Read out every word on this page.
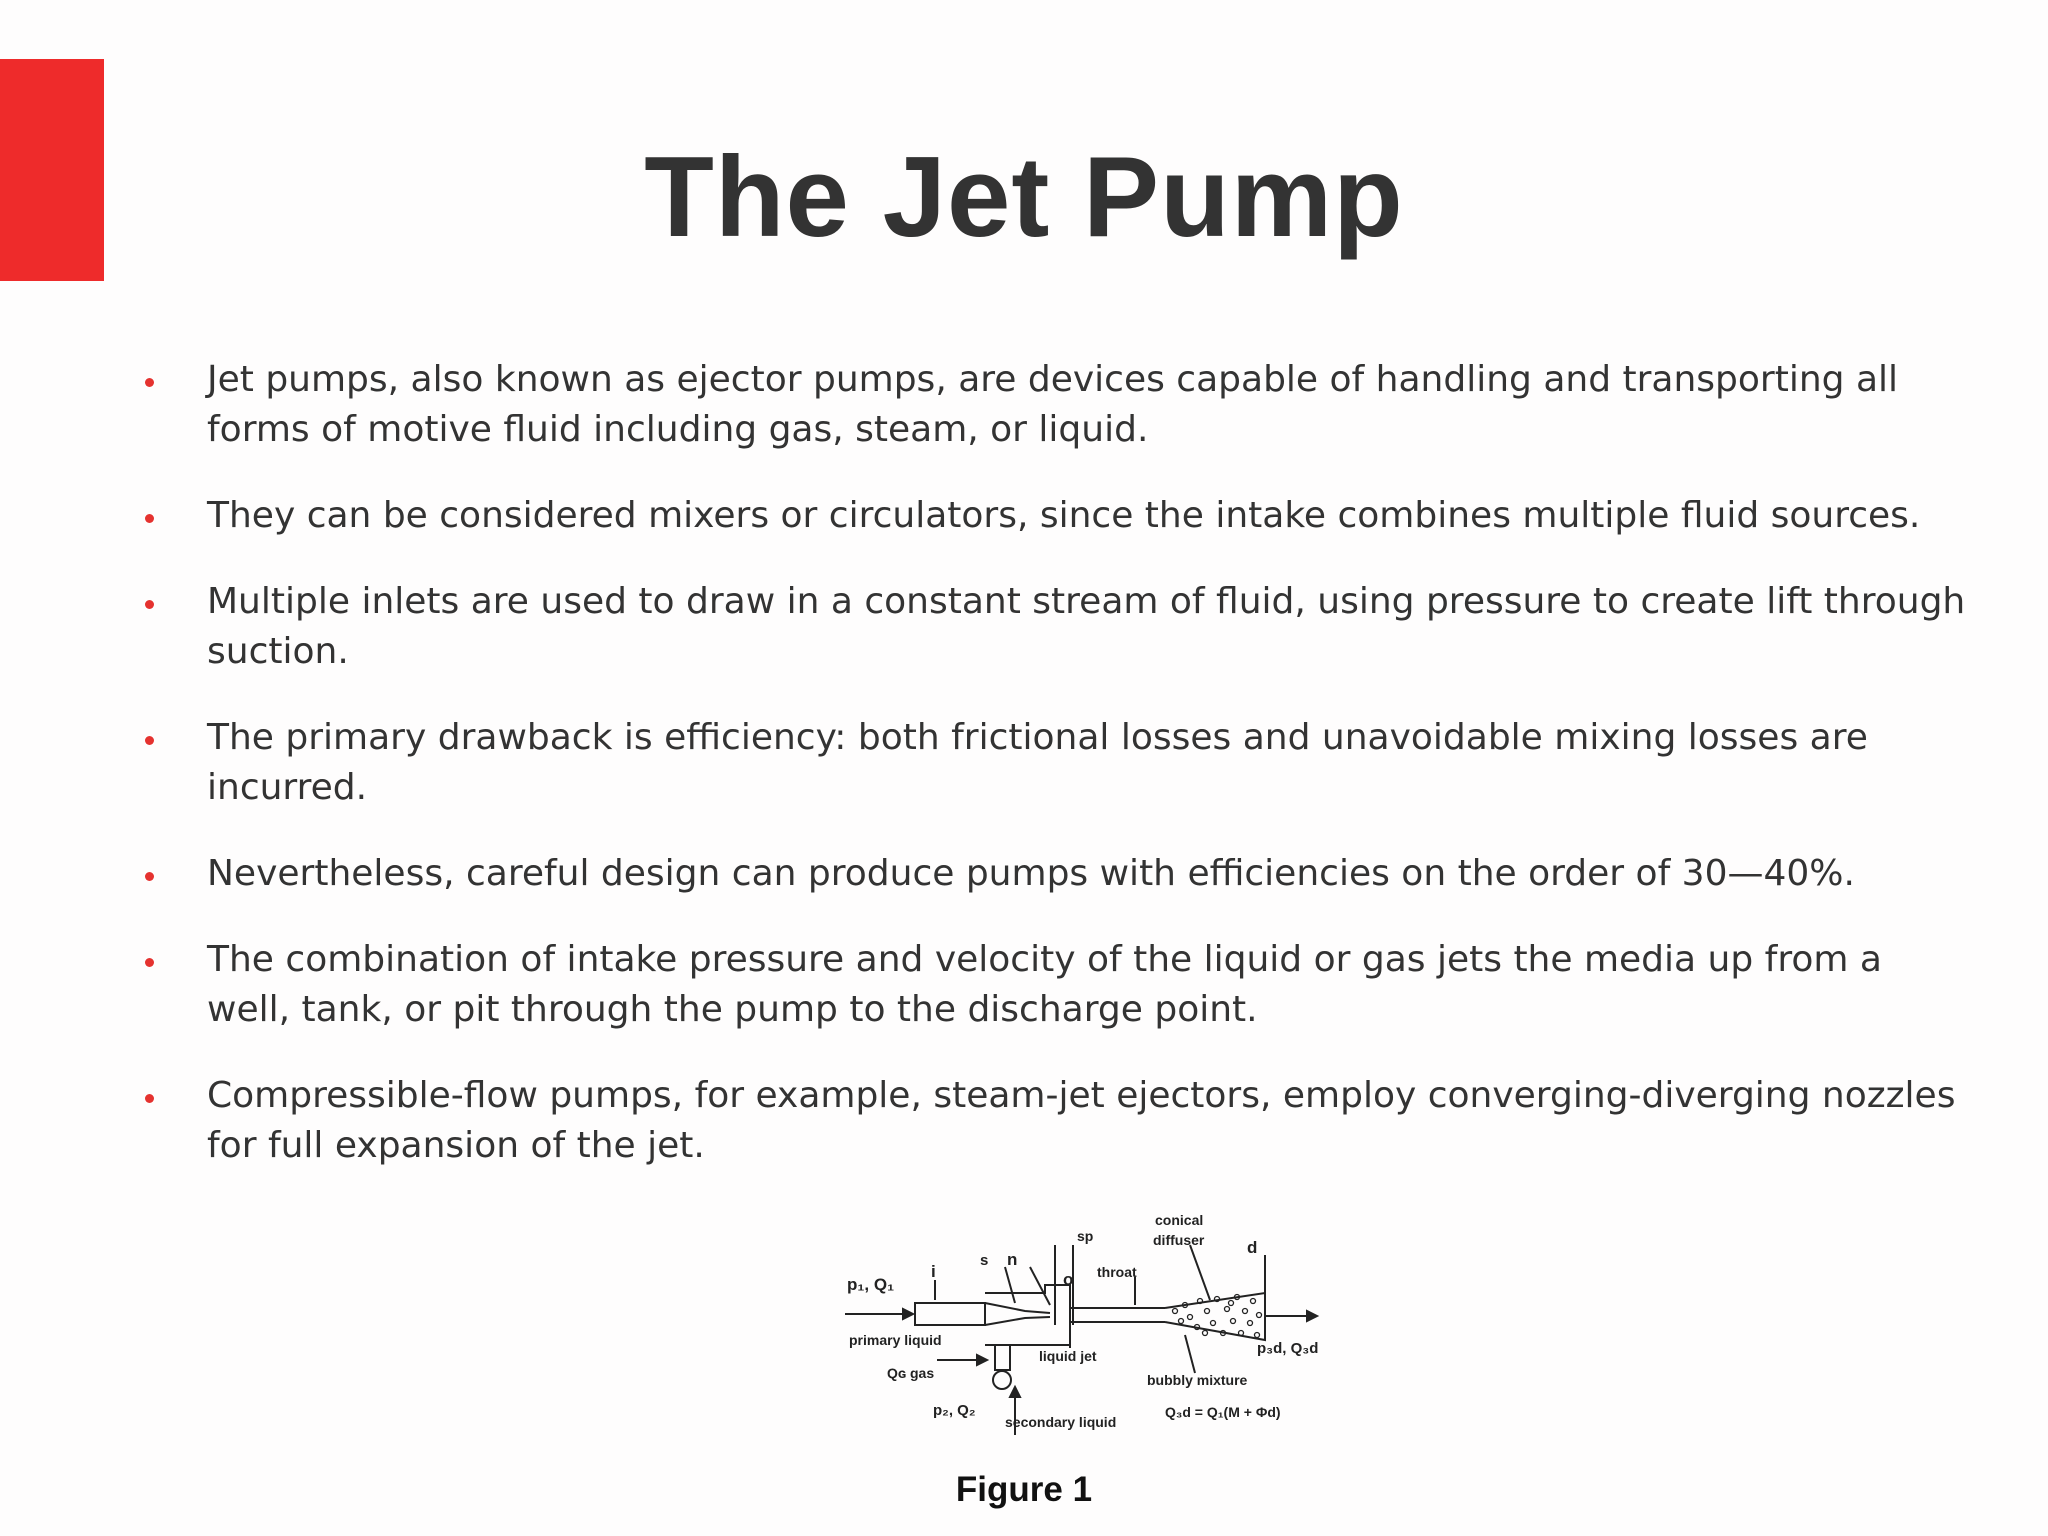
The Jet Pump
Jet pumps, also known as ejector pumps, are devices capable of handling and transporting all forms of motive fluid including gas, steam, or liquid.
They can be considered mixers or circulators, since the intake combines multiple fluid sources.
Multiple inlets are used to draw in a constant stream of fluid, using pressure to create lift through suction.
The primary drawback is efficiency: both frictional losses and unavoidable mixing losses are incurred.
Nevertheless, careful design can produce pumps with efficiencies on the order of 30—40%.
The combination of intake pressure and velocity of the liquid or gas jets the media up from a well, tank, or pit through the pump to the discharge point.
Compressible-flow pumps, for example, steam-jet ejectors, employ converging-diverging nozzles for full expansion of the jet.
p₁, Q₁
i
s n
sp
o throat
conical
diffuser	d
primary liquid
liquid jet
Qɢ gas
p₂, Q₂
secondary liquid
bubbly mixture
Q₃d = Q₁(M + Φd)
p₃d, Q₃d
Figure 1
